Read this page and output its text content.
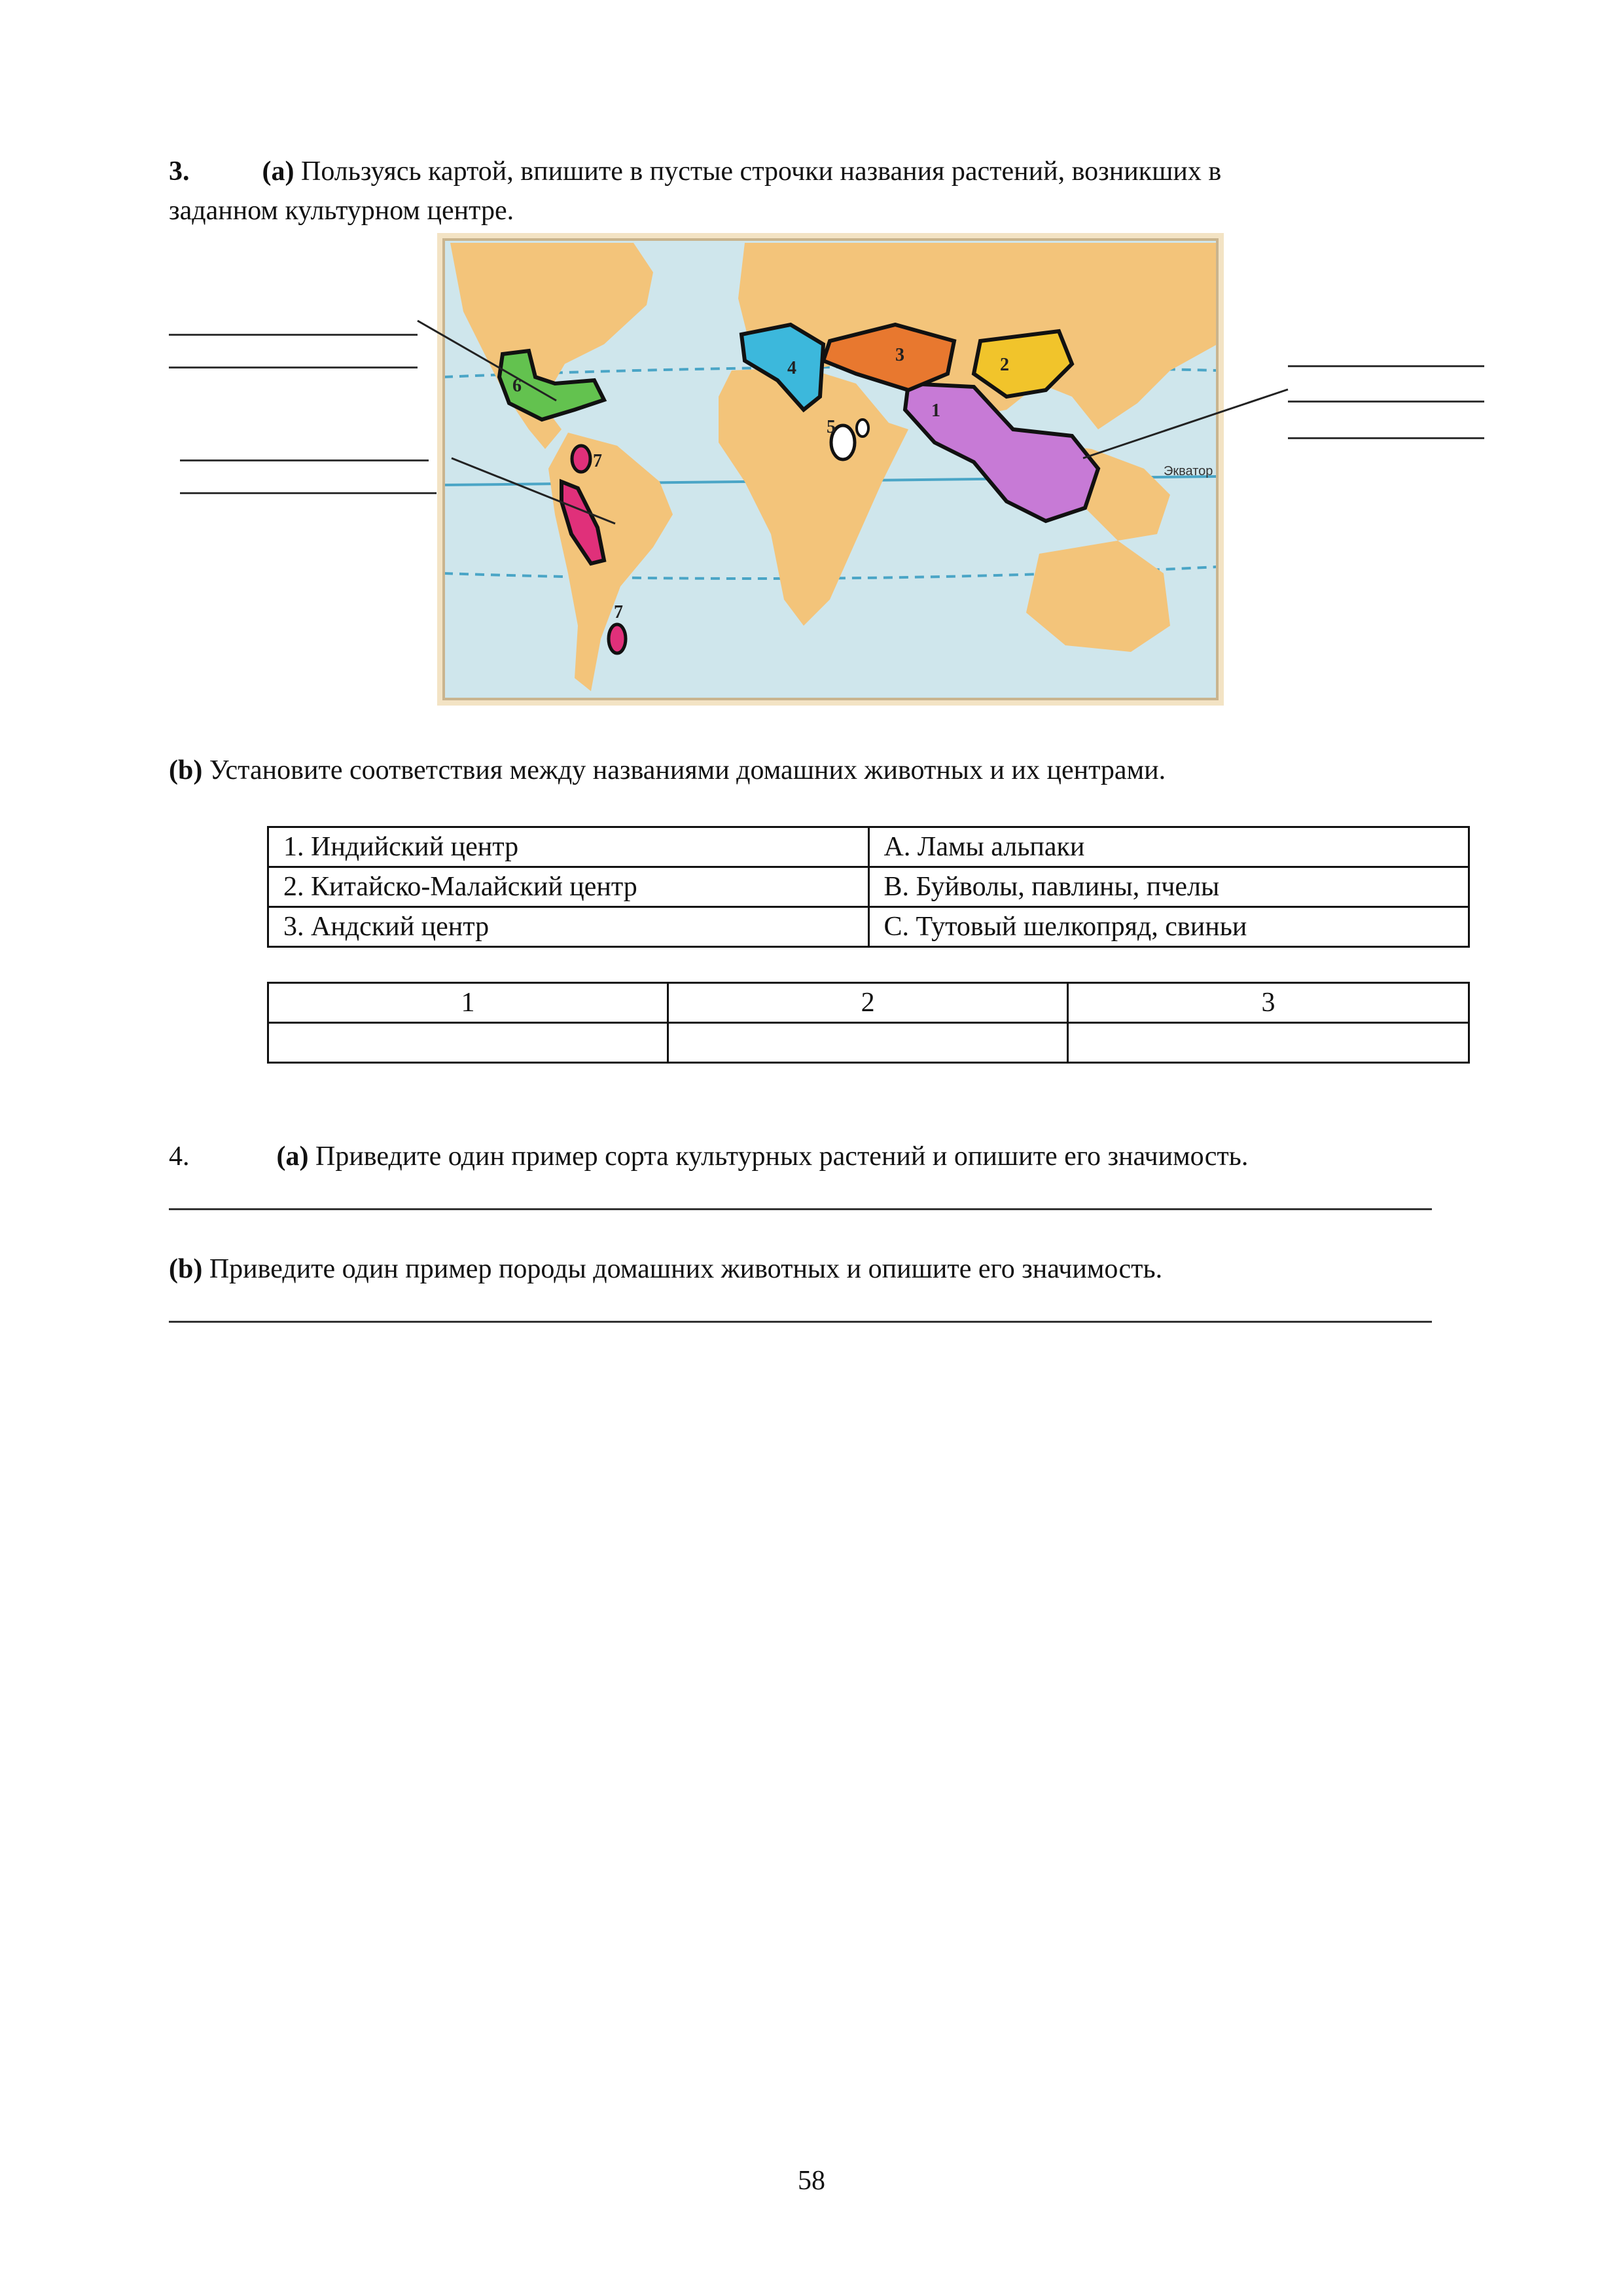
3.	(a) Пользуясь картой, впишите в пустые строчки названия растений, возникших в
заданном культурном центре.
1
2
3
4
5
6
7
7
Экватор
(b) Установите соответствия между названиями домашних животных и их центрами.
1. Индийский центр	A. Ламы альпаки
2. Китайско-Малайский центр	B. Буйволы, павлины, пчелы
3. Андский центр	C. Тутовый шелкопряд, свиньи
1	2	3

4.	(a) Приведите один пример сорта культурных растений и опишите его значимость.
(b) Приведите один пример породы домашних животных и опишите его значимость.
58
